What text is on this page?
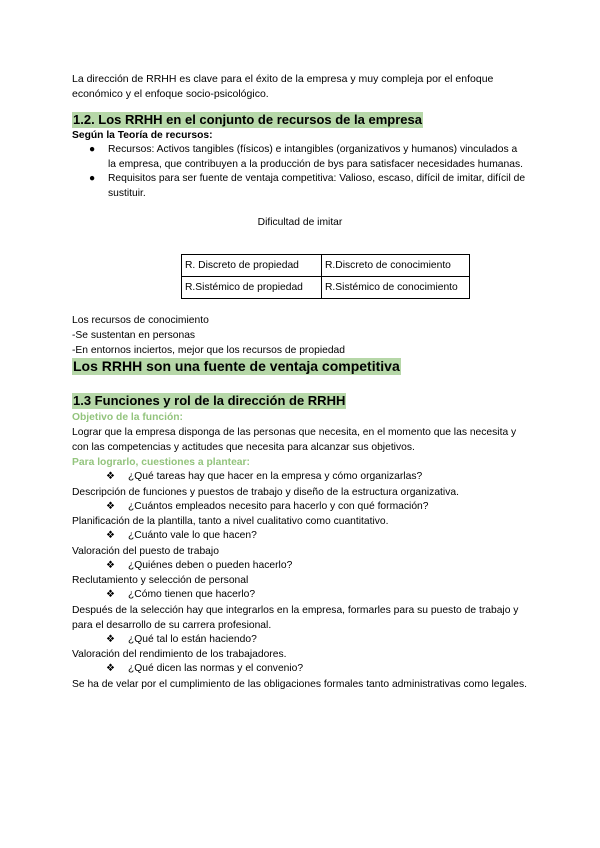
La dirección de RRHH es clave para el éxito de la empresa y muy compleja por el enfoque económico y el enfoque socio-psicológico.

1.2. Los RRHH en el conjunto de recursos de la empresa

Según la Teoría de recursos:

● Recursos: Activos tangibles (físicos) e intangibles (organizativos y humanos) vinculados a la empresa, que contribuyen a la producción de bys para satisfacer necesidades humanas.
● Requisitos para ser fuente de ventaja competitiva: Valioso, escaso, difícil de imitar, difícil de sustituir.

Dificultad de imitar

R. Discreto de propiedad	R.Discreto de conocimiento
R.Sistémico de propiedad	R.Sistémico de conocimiento

Los recursos de conocimiento

-Se sustentan en personas

-En entornos inciertos, mejor que los recursos de propiedad

Los RRHH son una fuente de ventaja competitiva
1.3 Funciones y rol de la dirección de RRHH

Objetivo de la función:

Lograr que la empresa disponga de las personas que necesita, en el momento que las necesita y con las competencias y actitudes que necesita para alcanzar sus objetivos.

Para lograrlo, cuestiones a plantear:

❖ ¿Qué tareas hay que hacer en la empresa y cómo organizarlas?

Descripción de funciones y puestos de trabajo y diseño de la estructura organizativa.

❖ ¿Cuántos empleados necesito para hacerlo y con qué formación?

Planificación de la plantilla, tanto a nivel cualitativo como cuantitativo.

❖ ¿Cuánto vale lo que hacen?

Valoración del puesto de trabajo

❖ ¿Quiénes deben o pueden hacerlo?

Reclutamiento y selección de personal

❖ ¿Cómo tienen que hacerlo?

Después de la selección hay que integrarlos en la empresa, formarles para su puesto de trabajo y para el desarrollo de su carrera profesional.

❖ ¿Qué tal lo están haciendo?

Valoración del rendimiento de los trabajadores.

❖ ¿Qué dicen las normas y el convenio?

Se ha de velar por el cumplimiento de las obligaciones formales tanto administrativas como legales.
